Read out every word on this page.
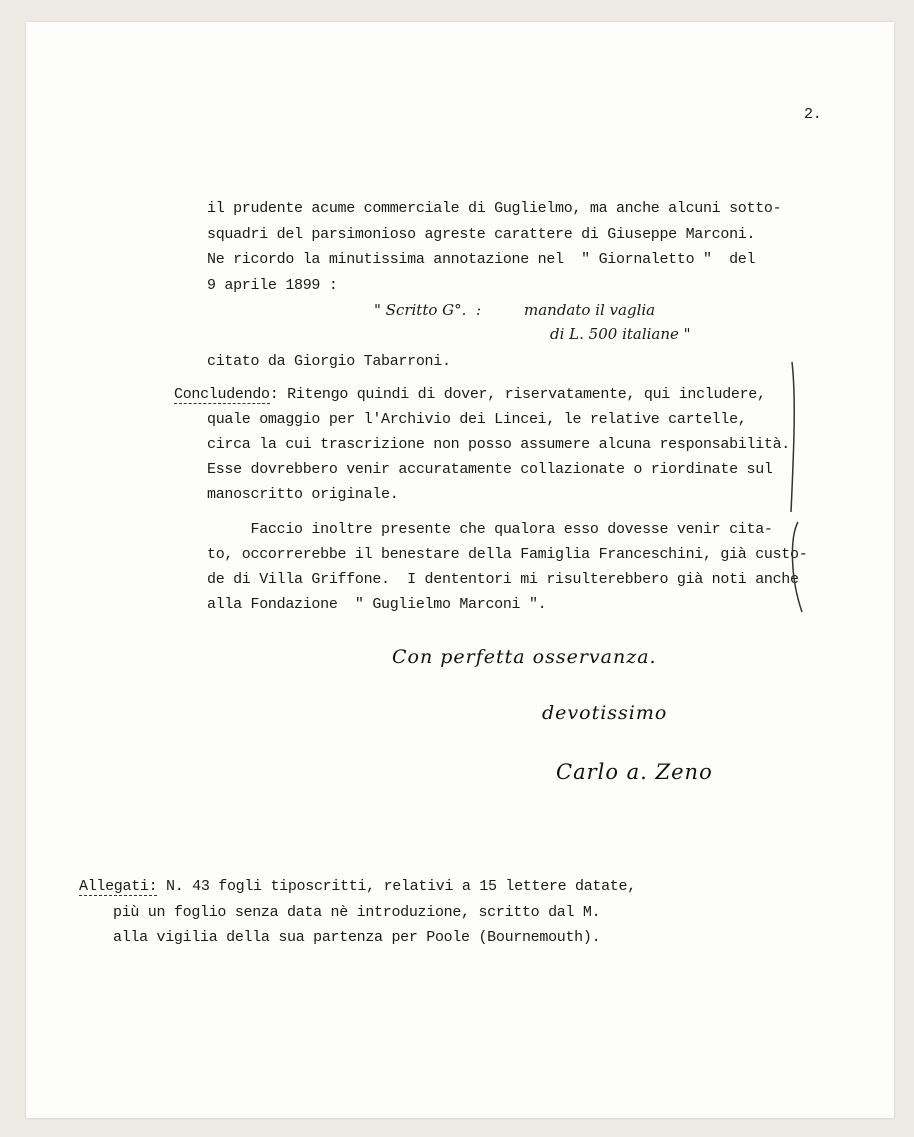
2.
il prudente acume commerciale di Guglielmo, ma anche alcuni sotto-
squadri del parsimonioso agreste carattere di Giuseppe Marconi.
Ne ricordo la minutissima annotazione nel  " Giornaletto "  del
9 aprile 1899 :
" Scritto G°.  :	mandato il vaglia
di L. 500 italiane "
citato da Giorgio Tabarroni.
Concludendo: Ritengo quindi di dover, riservatamente, qui includere,
quale omaggio per l'Archivio dei Lincei, le relative cartelle,
circa la cui trascrizione non posso assumere alcuna responsabilità.
Esse dovrebbero venir accuratamente collazionate o riordinate sul
manoscritto originale.
Faccio inoltre presente che qualora esso dovesse venir cita-
to, occorrerebbe il benestare della Famiglia Franceschini, già custo-
de di Villa Griffone.  I dententori mi risulterebbero già noti anche
alla Fondazione  " Guglielmo Marconi ".
Con perfetta osservanza.
devotissimo
Carlo a. Zeno
Allegati: N. 43 fogli tiposcritti, relativi a 15 lettere datate,
più un foglio senza data nè introduzione, scritto dal M.
alla vigilia della sua partenza per Poole (Bournemouth).
